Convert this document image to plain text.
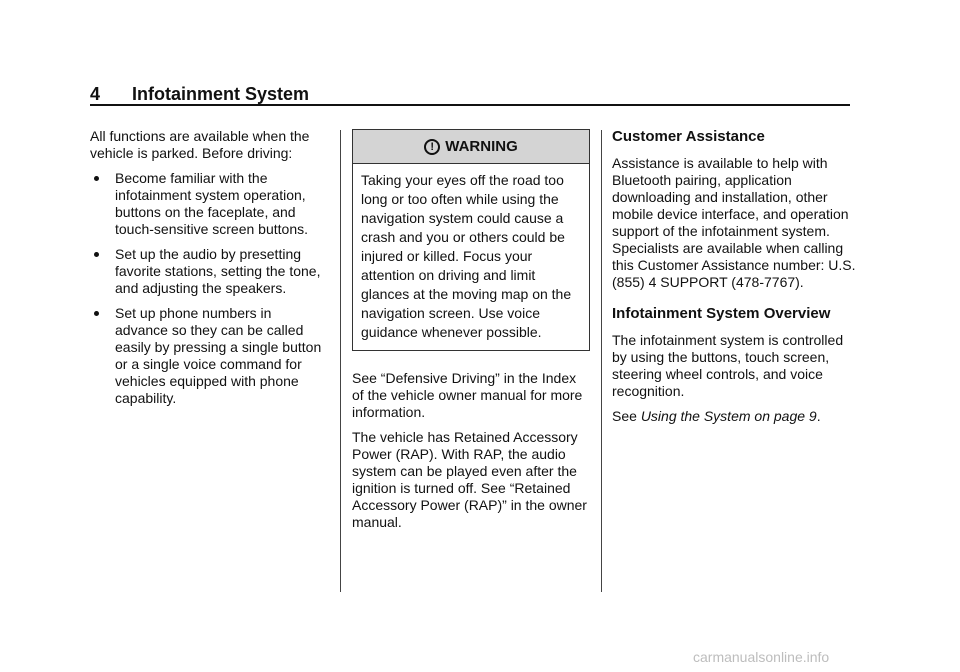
4 Infotainment System

All functions are available when the vehicle is parked. Before driving:

Become familiar with the infotainment system operation, buttons on the faceplate, and touch-sensitive screen buttons.
Set up the audio by presetting favorite stations, setting the tone, and adjusting the speakers.
Set up phone numbers in advance so they can be called easily by pressing a single button or a single voice command for vehicles equipped with phone capability.
! WARNING
Taking your eyes off the road too long or too often while using the navigation system could cause a crash and you or others could be injured or killed. Focus your attention on driving and limit glances at the moving map on the navigation screen. Use voice guidance whenever possible.

See “Defensive Driving” in the Index of the vehicle owner manual for more information.

The vehicle has Retained Accessory Power (RAP). With RAP, the audio system can be played even after the ignition is turned off. See “Retained Accessory Power (RAP)” in the owner manual.

Customer Assistance

Assistance is available to help with Bluetooth pairing, application downloading and installation, other mobile device interface, and operation support of the infotainment system. Specialists are available when calling this Customer Assistance number: U.S. (855) 4 SUPPORT (478-7767).

Infotainment System Overview

The infotainment system is controlled by using the buttons, touch screen, steering wheel controls, and voice recognition.

See Using the System on page 9.

carmanualsonline.info
